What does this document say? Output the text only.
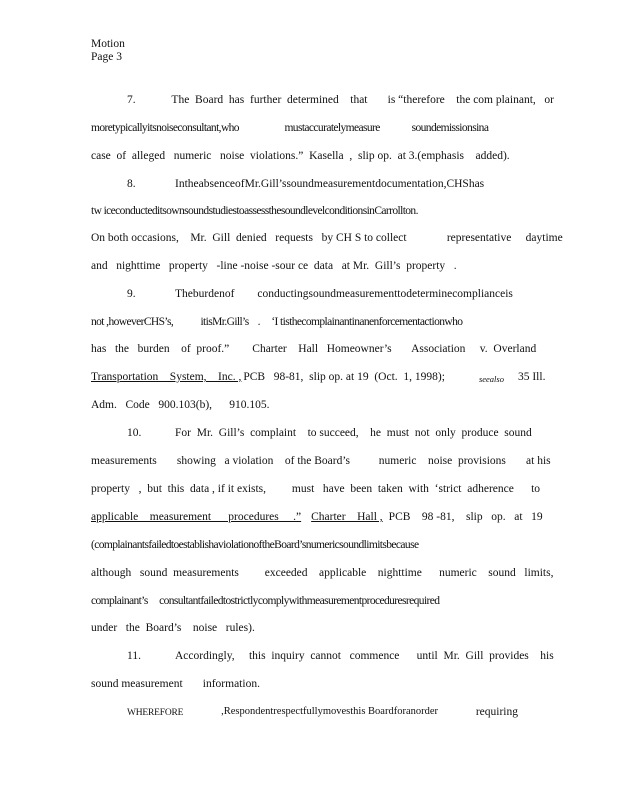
Motion
Page 3
7.	The  Board  has  further  determined    that       is “therefore    the com plainant,   or
moretypicallyitsnoiseconsultant,who                    mustaccuratelymeasure              soundemissionsina
case  of  alleged   numeric   noise  violations.”  Kasella  ,  slip op.  at 3.(emphasis    added).
8.	IntheabsenceofMr.Gill’ssoundmeasurementdocumentation,CHShas
tw iceconducteditsownsoundstudiestoassessthesoundlevelconditionsinCarrollton.
On both occasions,    Mr.  Gill  denied   requests   by CH S to collect              representative     daytime
and   nighttime   property   -line -noise -sour ce  data   at Mr.  Gill’s  property   .
9.	Theburdenof        conductingsoundmeasurementtodeterminecomplianceis
not ,howeverCHS’s,            itisMr.Gill’s    .     ‘I tisthecomplainantinanenforcementactionwho
has   the   burden    of  proof.”        Charter    Hall   Homeowner’s       Association     v.  Overland
Transportation    System,    Inc. , PCB   98-81,  slip op. at 19  (Oct.  1, 1998);	seealso 35 Ill.
Adm.   Code   900.103(b),      910.105.
10.	For  Mr.  Gill’s  complaint    to succeed,    he  must  not  only  produce  sound
measurements       showing   a violation    of the Board’s          numeric    noise  provisions       at his
property   ,  but  this  data , if it exists,         must   have  been  taken  with  ‘strict  adherence      to
applicable    measurement      procedures     .” Charter    Hall , PCB    98 -81,    slip   op.   at   19
(complainantsfailedtoestablishaviolationoftheBoard’snumericsoundlimitsbecause
although   sound  measurements         exceeded    applicable    nighttime      numeric    sound   limits,
complainant’s     consultantfailedtostrictlycomplywithmeasurementproceduresrequired
under   the  Board’s    noise   rules).
11.	Accordingly,     this  inquiry  cannot   commence      until  Mr.  Gill  provides    his
sound measurement       information.
WHEREFORE	,Respondentrespectfullymovesthis Boardforanorder	requiring
